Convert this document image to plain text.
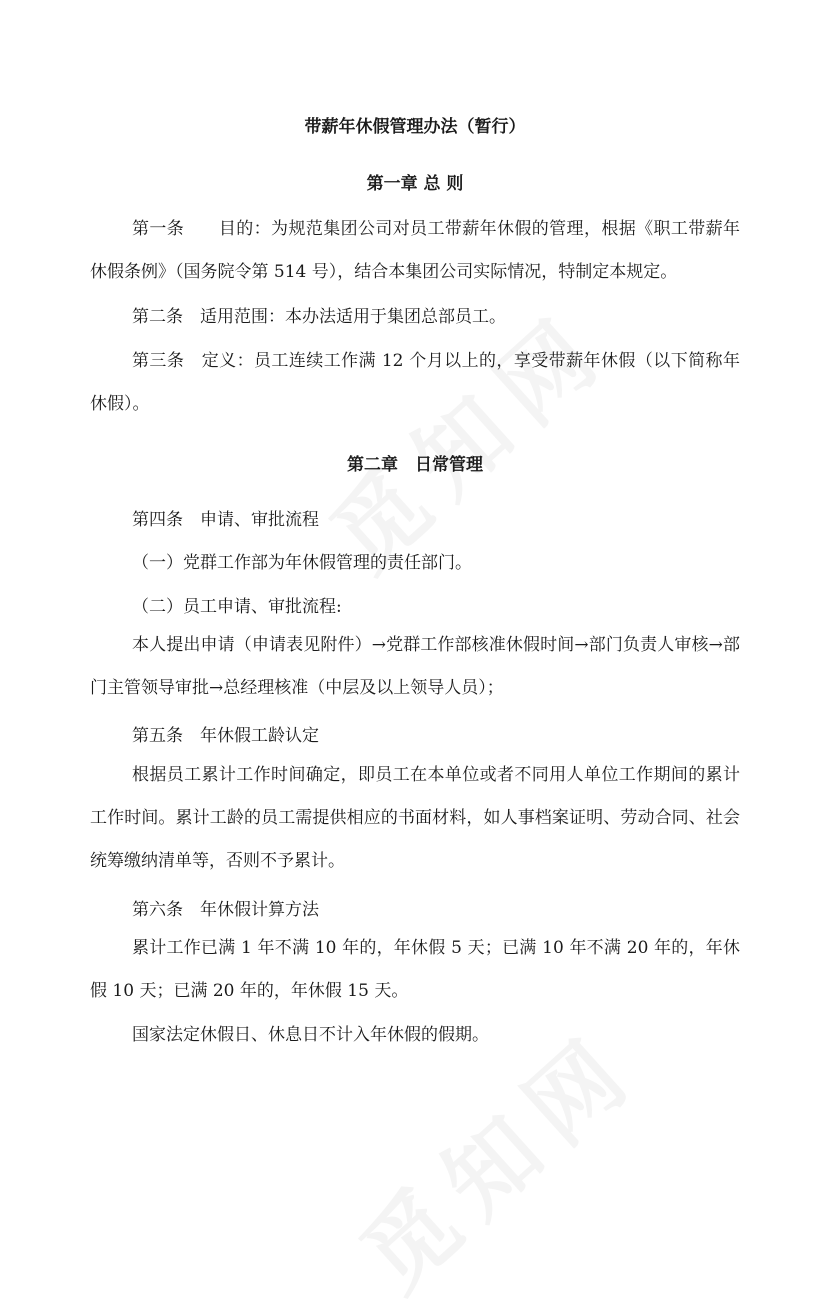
带薪年休假管理办法（暂行）
第一章 总 则

第一条　　目的：为规范集团公司对员工带薪年休假的管理，根据《职工带薪年休假条例》（国务院令第 514 号），结合本集团公司实际情况，特制定本规定。

第二条　适用范围：本办法适用于集团总部员工。

第三条　定义：员工连续工作满 12 个月以上的，享受带薪年休假（以下简称年休假）。

第二章　日常管理

第四条　申请、审批流程

（一）党群工作部为年休假管理的责任部门。

（二）员工申请、审批流程:

本人提出申请（申请表见附件）→党群工作部核准休假时间→部门负责人审核→部门主管领导审批→总经理核准（中层及以上领导人员）；

第五条　年休假工龄认定

根据员工累计工作时间确定，即员工在本单位或者不同用人单位工作期间的累计工作时间。累计工龄的员工需提供相应的书面材料，如人事档案证明、劳动合同、社会统筹缴纳清单等，否则不予累计。

第六条　年休假计算方法

累计工作已满 1 年不满 10 年的，年休假 5 天；已满 10 年不满 20 年的，年休假 10 天；已满 20 年的，年休假 15 天。

国家法定休假日、休息日不计入年休假的假期。
